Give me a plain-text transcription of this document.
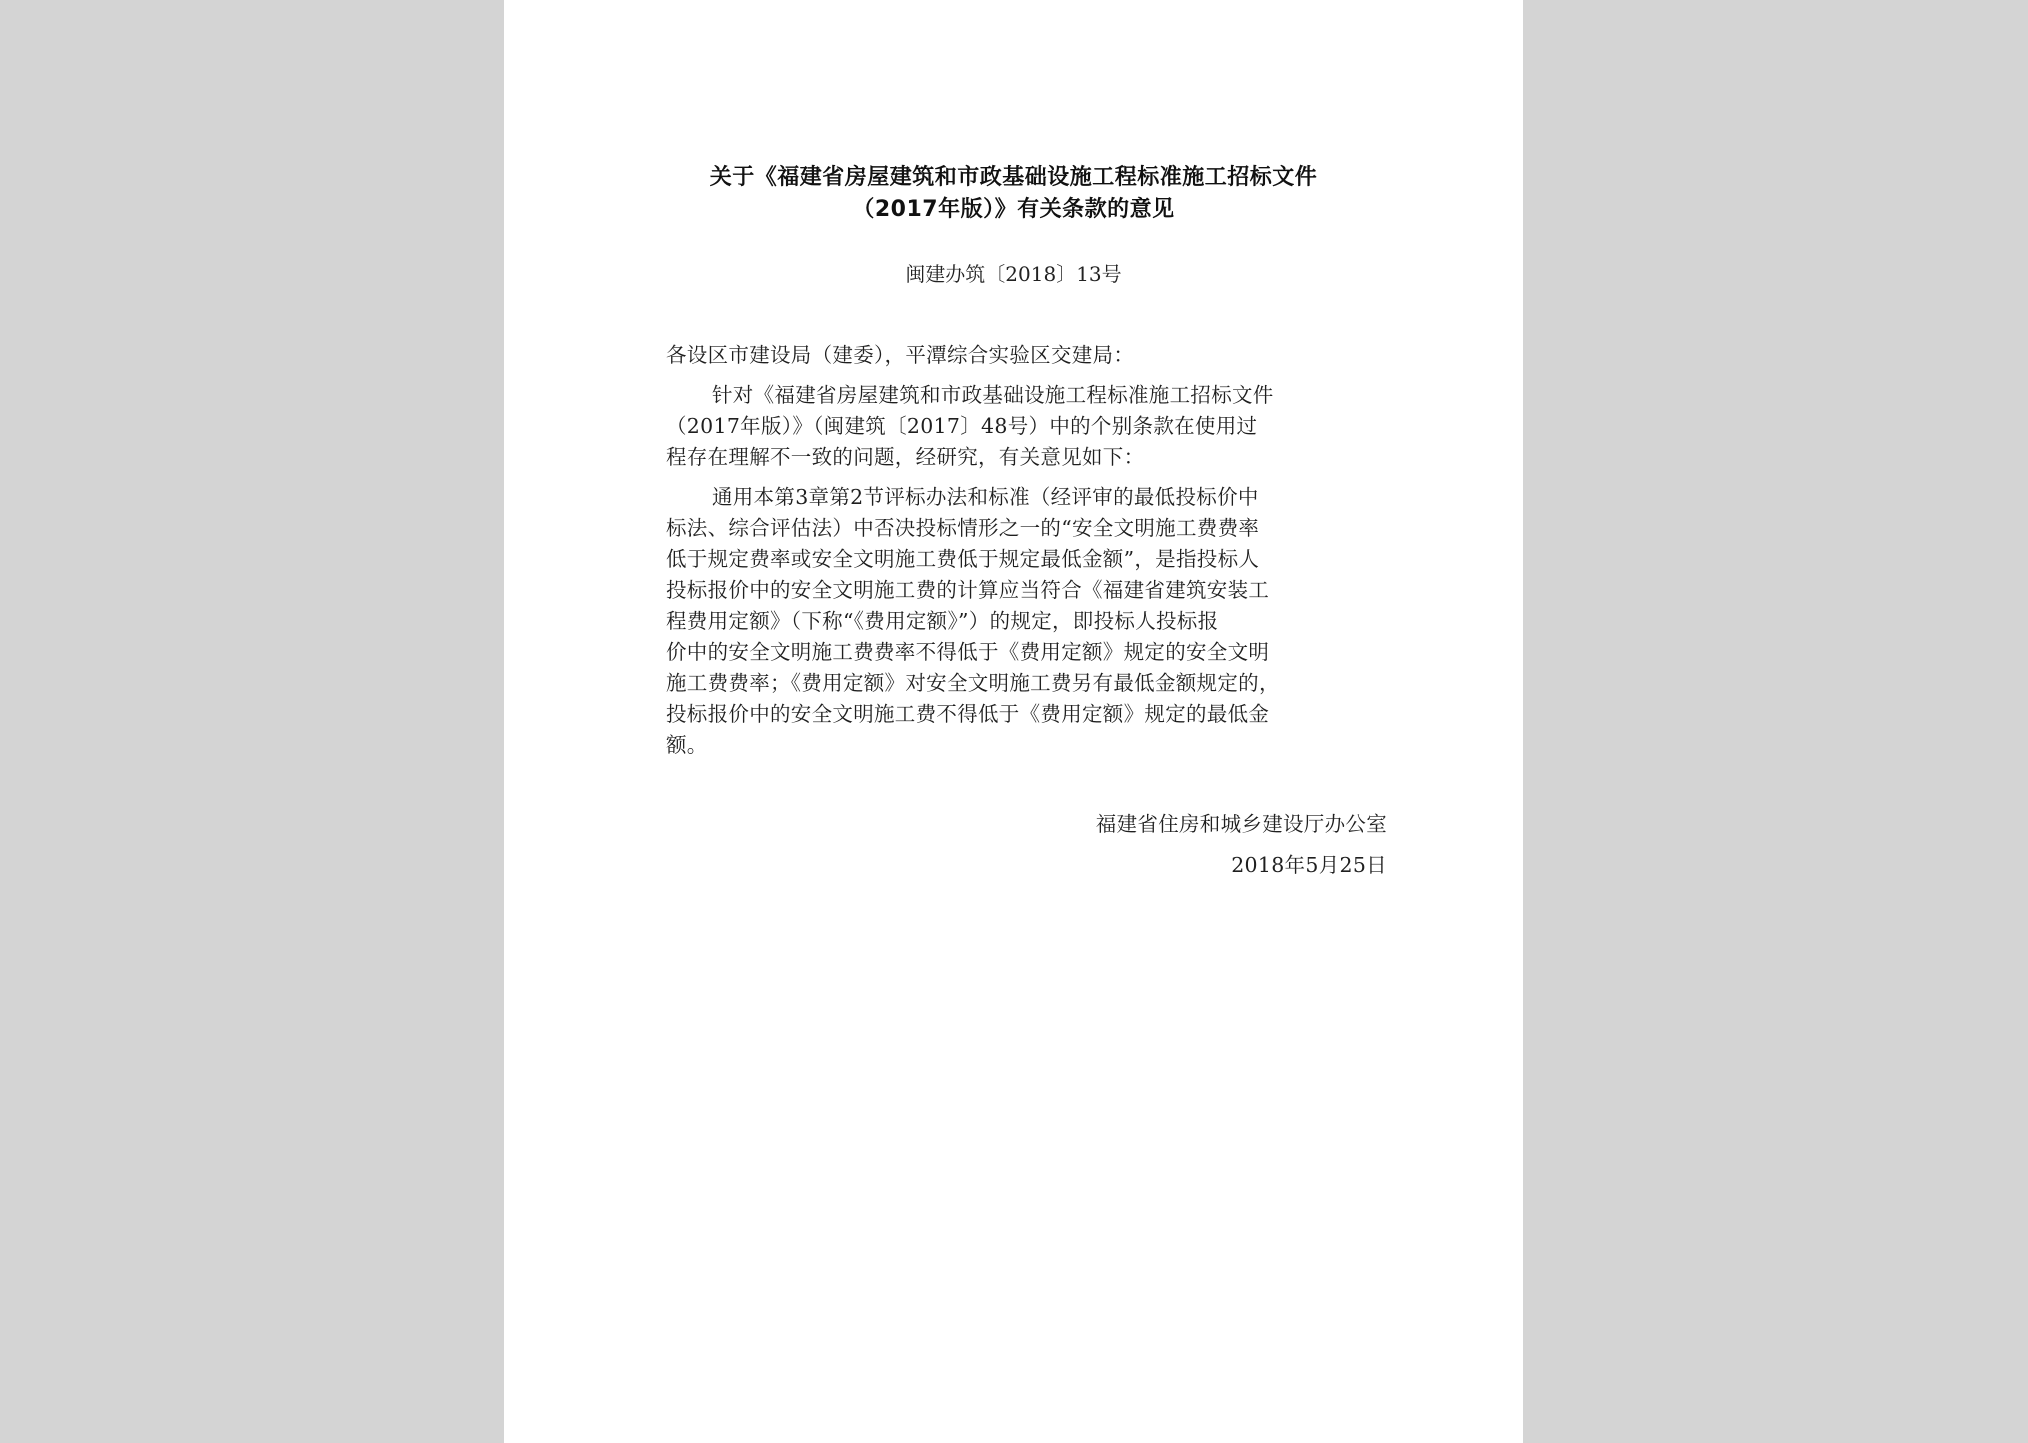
关于《福建省房屋建筑和市政基础设施工程标准施工招标文件
（2017年版）》有关条款的意见
闽建办筑〔2018〕13号
各设区市建设局（建委），平潭综合实验区交建局：
针对《福建省房屋建筑和市政基础设施工程标准施工招标文件
（2017年版）》（闽建筑〔2017〕48号）中的个别条款在使用过
程存在理解不一致的问题，经研究，有关意见如下：
通用本第3章第2节评标办法和标准（经评审的最低投标价中
标法、综合评估法）中否决投标情形之一的“安全文明施工费费率
低于规定费率或安全文明施工费低于规定最低金额”，是指投标人
投标报价中的安全文明施工费的计算应当符合《福建省建筑安装工
程费用定额》（下称“《费用定额》”）的规定，即投标人投标报
价中的安全文明施工费费率不得低于《费用定额》规定的安全文明
施工费费率；《费用定额》对安全文明施工费另有最低金额规定的，
投标报价中的安全文明施工费不得低于《费用定额》规定的最低金
额。
福建省住房和城乡建设厅办公室
2018年5月25日
